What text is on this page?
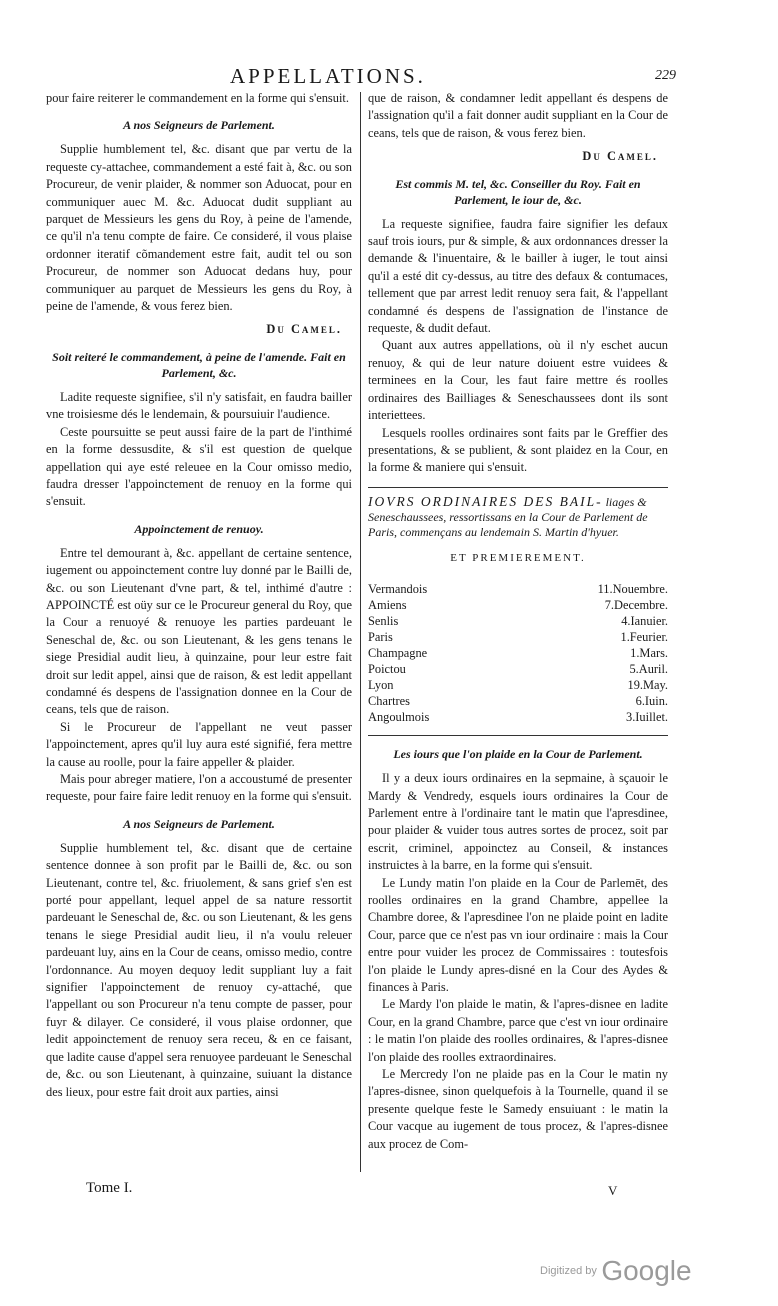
APPELLATIONS.	229

pour faire reiterer le commandement en la forme qui s'ensuit.

A nos Seigneurs de Parlement.

Supplie humblement tel, &c. disant que par vertu de la requeste cy-attachee, commandement a esté fait à, &c. ou son Procureur, de venir plaider, & nommer son Aduocat, pour en communiquer auec M. &c. Aduocat dudit suppliant au parquet de Messieurs les gens du Roy, à peine de l'amende, ce qu'il n'a tenu compte de faire. Ce consideré, il vous plaise ordonner iteratif cõmandement estre fait, audit tel ou son Procureur, de nommer son Aduocat dedans huy, pour communiquer au parquet de Messieurs les gens du Roy, à peine de l'amende, & vous ferez bien.

Du Camel.
Soit reiteré le commandement, à peine de l'amende. Fait en Parlement, &c.

Ladite requeste signifiee, s'il n'y satisfait, en faudra bailler vne troisiesme dés le lendemain, & poursuiuir l'audience.

Ceste poursuitte se peut aussi faire de la part de l'inthimé en la forme dessusdite, & s'il est question de quelque appellation qui aye esté releuee en la Cour omisso medio, faudra dresser l'appoinctement de renuoy en la forme qui s'ensuit.

Appoinctement de renuoy.

Entre tel demourant à, &c. appellant de certaine sentence, iugement ou appoinctement contre luy donné par le Bailli de, &c. ou son Lieutenant d'vne part, & tel, inthimé d'autre : APPOINCTÉ est oüy sur ce le Procureur general du Roy, que la Cour a renuoyé & renuoye les parties pardeuant le Seneschal de, &c. ou son Lieutenant, & les gens tenans le siege Presidial audit lieu, à quinzaine, pour leur estre fait droit sur ledit appel, ainsi que de raison, & est ledit appellant condamné és despens de l'assignation donnee en la Cour de ceans, tels que de raison.

Si le Procureur de l'appellant ne veut passer l'appoinctement, apres qu'il luy aura esté signifié, fera mettre la cause au roolle, pour la faire appeller & plaider.

Mais pour abreger matiere, l'on a accoustumé de presenter requeste, pour faire faire ledit renuoy en la forme qui s'ensuit.

A nos Seigneurs de Parlement.

Supplie humblement tel, &c. disant que de certaine sentence donnee à son profit par le Bailli de, &c. ou son Lieutenant, contre tel, &c. friuolement, & sans grief s'en est porté pour appellant, lequel appel de sa nature ressortit pardeuant le Seneschal de, &c. ou son Lieutenant, & les gens tenans le siege Presidial audit lieu, il n'a voulu releuer pardeuant luy, ains en la Cour de ceans, omisso medio, contre l'ordonnance. Au moyen dequoy ledit suppliant luy a fait signifier l'appoinctement de renuoy cy-attaché, que l'appellant ou son Procureur n'a tenu compte de passer, pour fuyr & dilayer. Ce consideré, il vous plaise ordonner, que ledit appoinctement de renuoy sera receu, & en ce faisant, que ladite cause d'appel sera renuoyee pardeuant le Seneschal de, &c. ou son Lieutenant, à quinzaine, suiuant la distance des lieux, pour estre fait droit aux parties, ainsi

que de raison, & condamner ledit appellant és despens de l'assignation qu'il a fait donner audit suppliant en la Cour de ceans, tels que de raison, & vous ferez bien.

Du Camel.
Est commis M. tel, &c. Conseiller du Roy. Fait en Parlement, le iour de, &c.

La requeste signifiee, faudra faire signifier les defaux sauf trois iours, pur & simple, & aux ordonnances dresser la demande & l'inuentaire, & le bailler à iuger, le tout ainsi qu'il a esté dit cy-dessus, au titre des defaux & contumaces, tellement que par arrest ledit renuoy sera fait, & l'appellant condamné és despens de l'assignation de l'instance de requeste, & dudit defaut.

Quant aux autres appellations, où il n'y eschet aucun renuoy, & qui de leur nature doiuent estre vuidees & terminees en la Cour, les faut faire mettre és roolles ordinaires des Bailliages & Seneschaussees dont ils sont interiettees.

Lesquels roolles ordinaires sont faits par le Greffier des presentations, & se publient, & sont plaidez en la Cour, en la forme & maniere qui s'ensuit.

IOVRS ORDINAIRES DES BAIL- liages & Seneschaussees, ressortissans en la Cour de Parlement de Paris, commençans au lendemain S. Martin d'hyuer.
ET PREMIEREMENT.
Vermandois	11.Nouembre.
Amiens	7.Decembre.
Senlis	4.Ianuier.
Paris	1.Feurier.
Champagne	1.Mars.
Poictou	5.Auril.
Lyon	19.May.
Chartres	6.Iuin.
Angoulmois	3.Iuillet.
Les iours que l'on plaide en la Cour de Parlement.

Il y a deux iours ordinaires en la sepmaine, à sçauoir le Mardy & Vendredy, esquels iours ordinaires la Cour de Parlement entre à l'ordinaire tant le matin que l'apresdinee, pour plaider & vuider tous autres sortes de procez, soit par escrit, criminel, appoinctez au Conseil, & instances instruictes à la barre, en la forme qui s'ensuit.

Le Lundy matin l'on plaide en la Cour de Parlemēt, des roolles ordinaires en la grand Chambre, appellee la Chambre doree, & l'apresdinee l'on ne plaide point en ladite Cour, parce que ce n'est pas vn iour ordinaire : mais la Cour entre pour vuider les procez de Commissaires : toutesfois l'on plaide le Lundy apres-disné en la Cour des Aydes & finances à Paris.

Le Mardy l'on plaide le matin, & l'apres-disnee en ladite Cour, en la grand Chambre, parce que c'est vn iour ordinaire : le matin l'on plaide des roolles ordinaires, & l'apres-disnee l'on plaide des roolles extraordinaires.

Le Mercredy l'on ne plaide pas en la Cour le matin ny l'apres-disnee, sinon quelquefois à la Tournelle, quand il se presente quelque feste le Samedy ensuiuant : le matin la Cour vacque au iugement de tous procez, & l'apres-disnee aux procez de Com-

Tome I.	V
Digitized by Google
